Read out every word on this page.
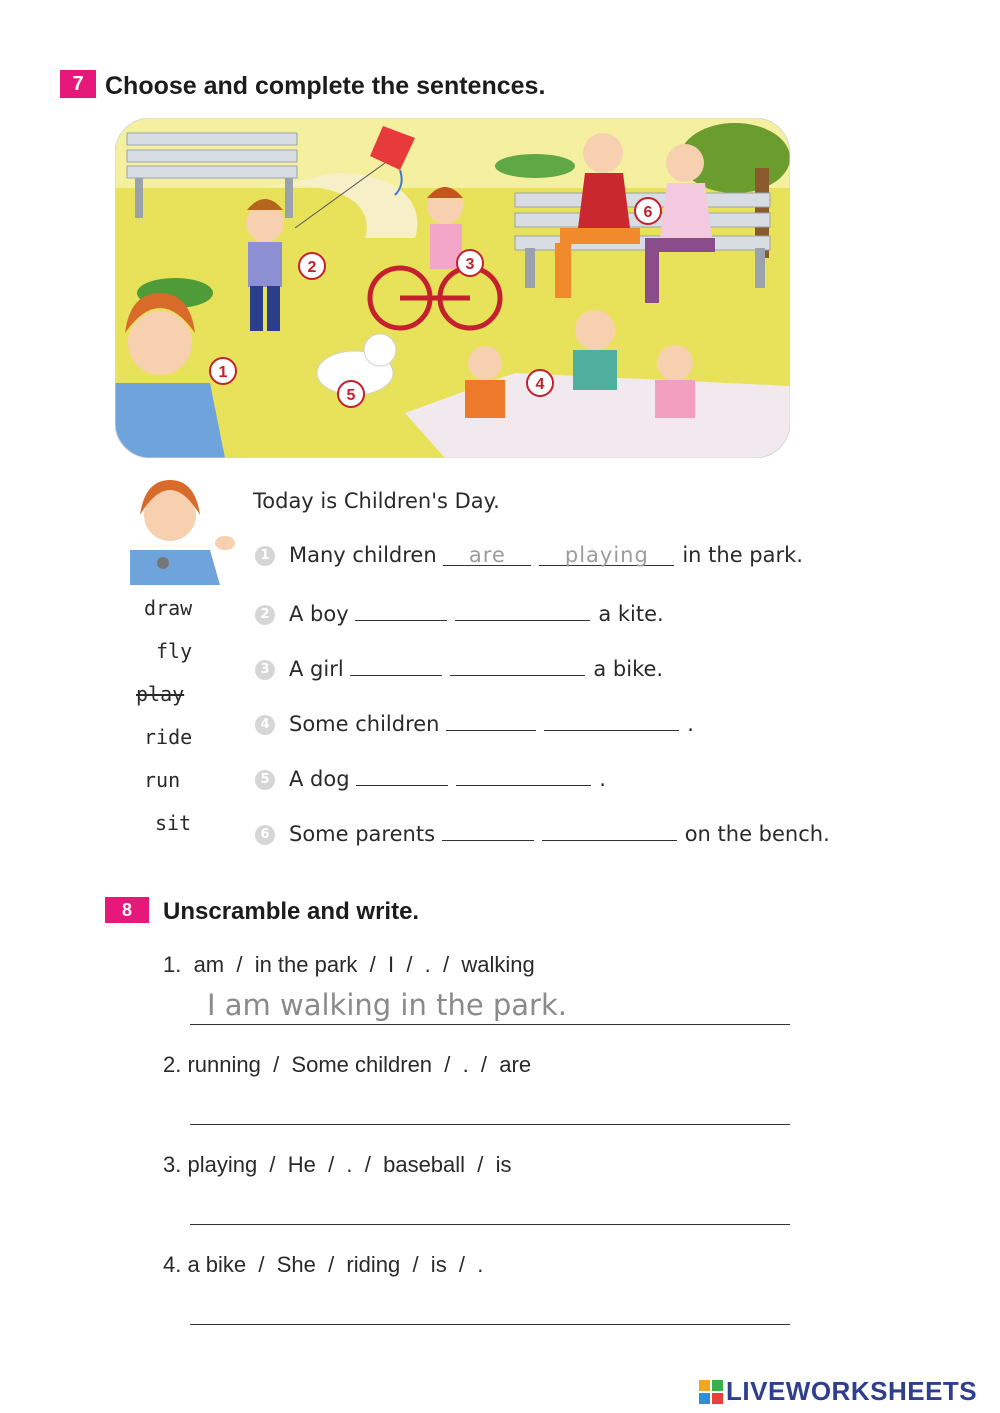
7 Choose and complete the sentences.
1
2	3
4
5
6
Today is Children's Day.
draw
fly
play
ride
run
sit
1 Many children are	playing in the park.
2 A boy	a kite.
3 A girl	a bike.
4 Some children	.
5 A dog	.
6 Some parents	on the bench.
8	Unscramble and write.
1.  am  /  in the park  /  I  /  .  /  walking
I am walking in the park.
2. running  /  Some children  /  .  /  are
3. playing  /  He  /  .  /  baseball  /  is
4. a bike  /  She  /  riding  /  is  /  .
LIVEWORKSHEETS
